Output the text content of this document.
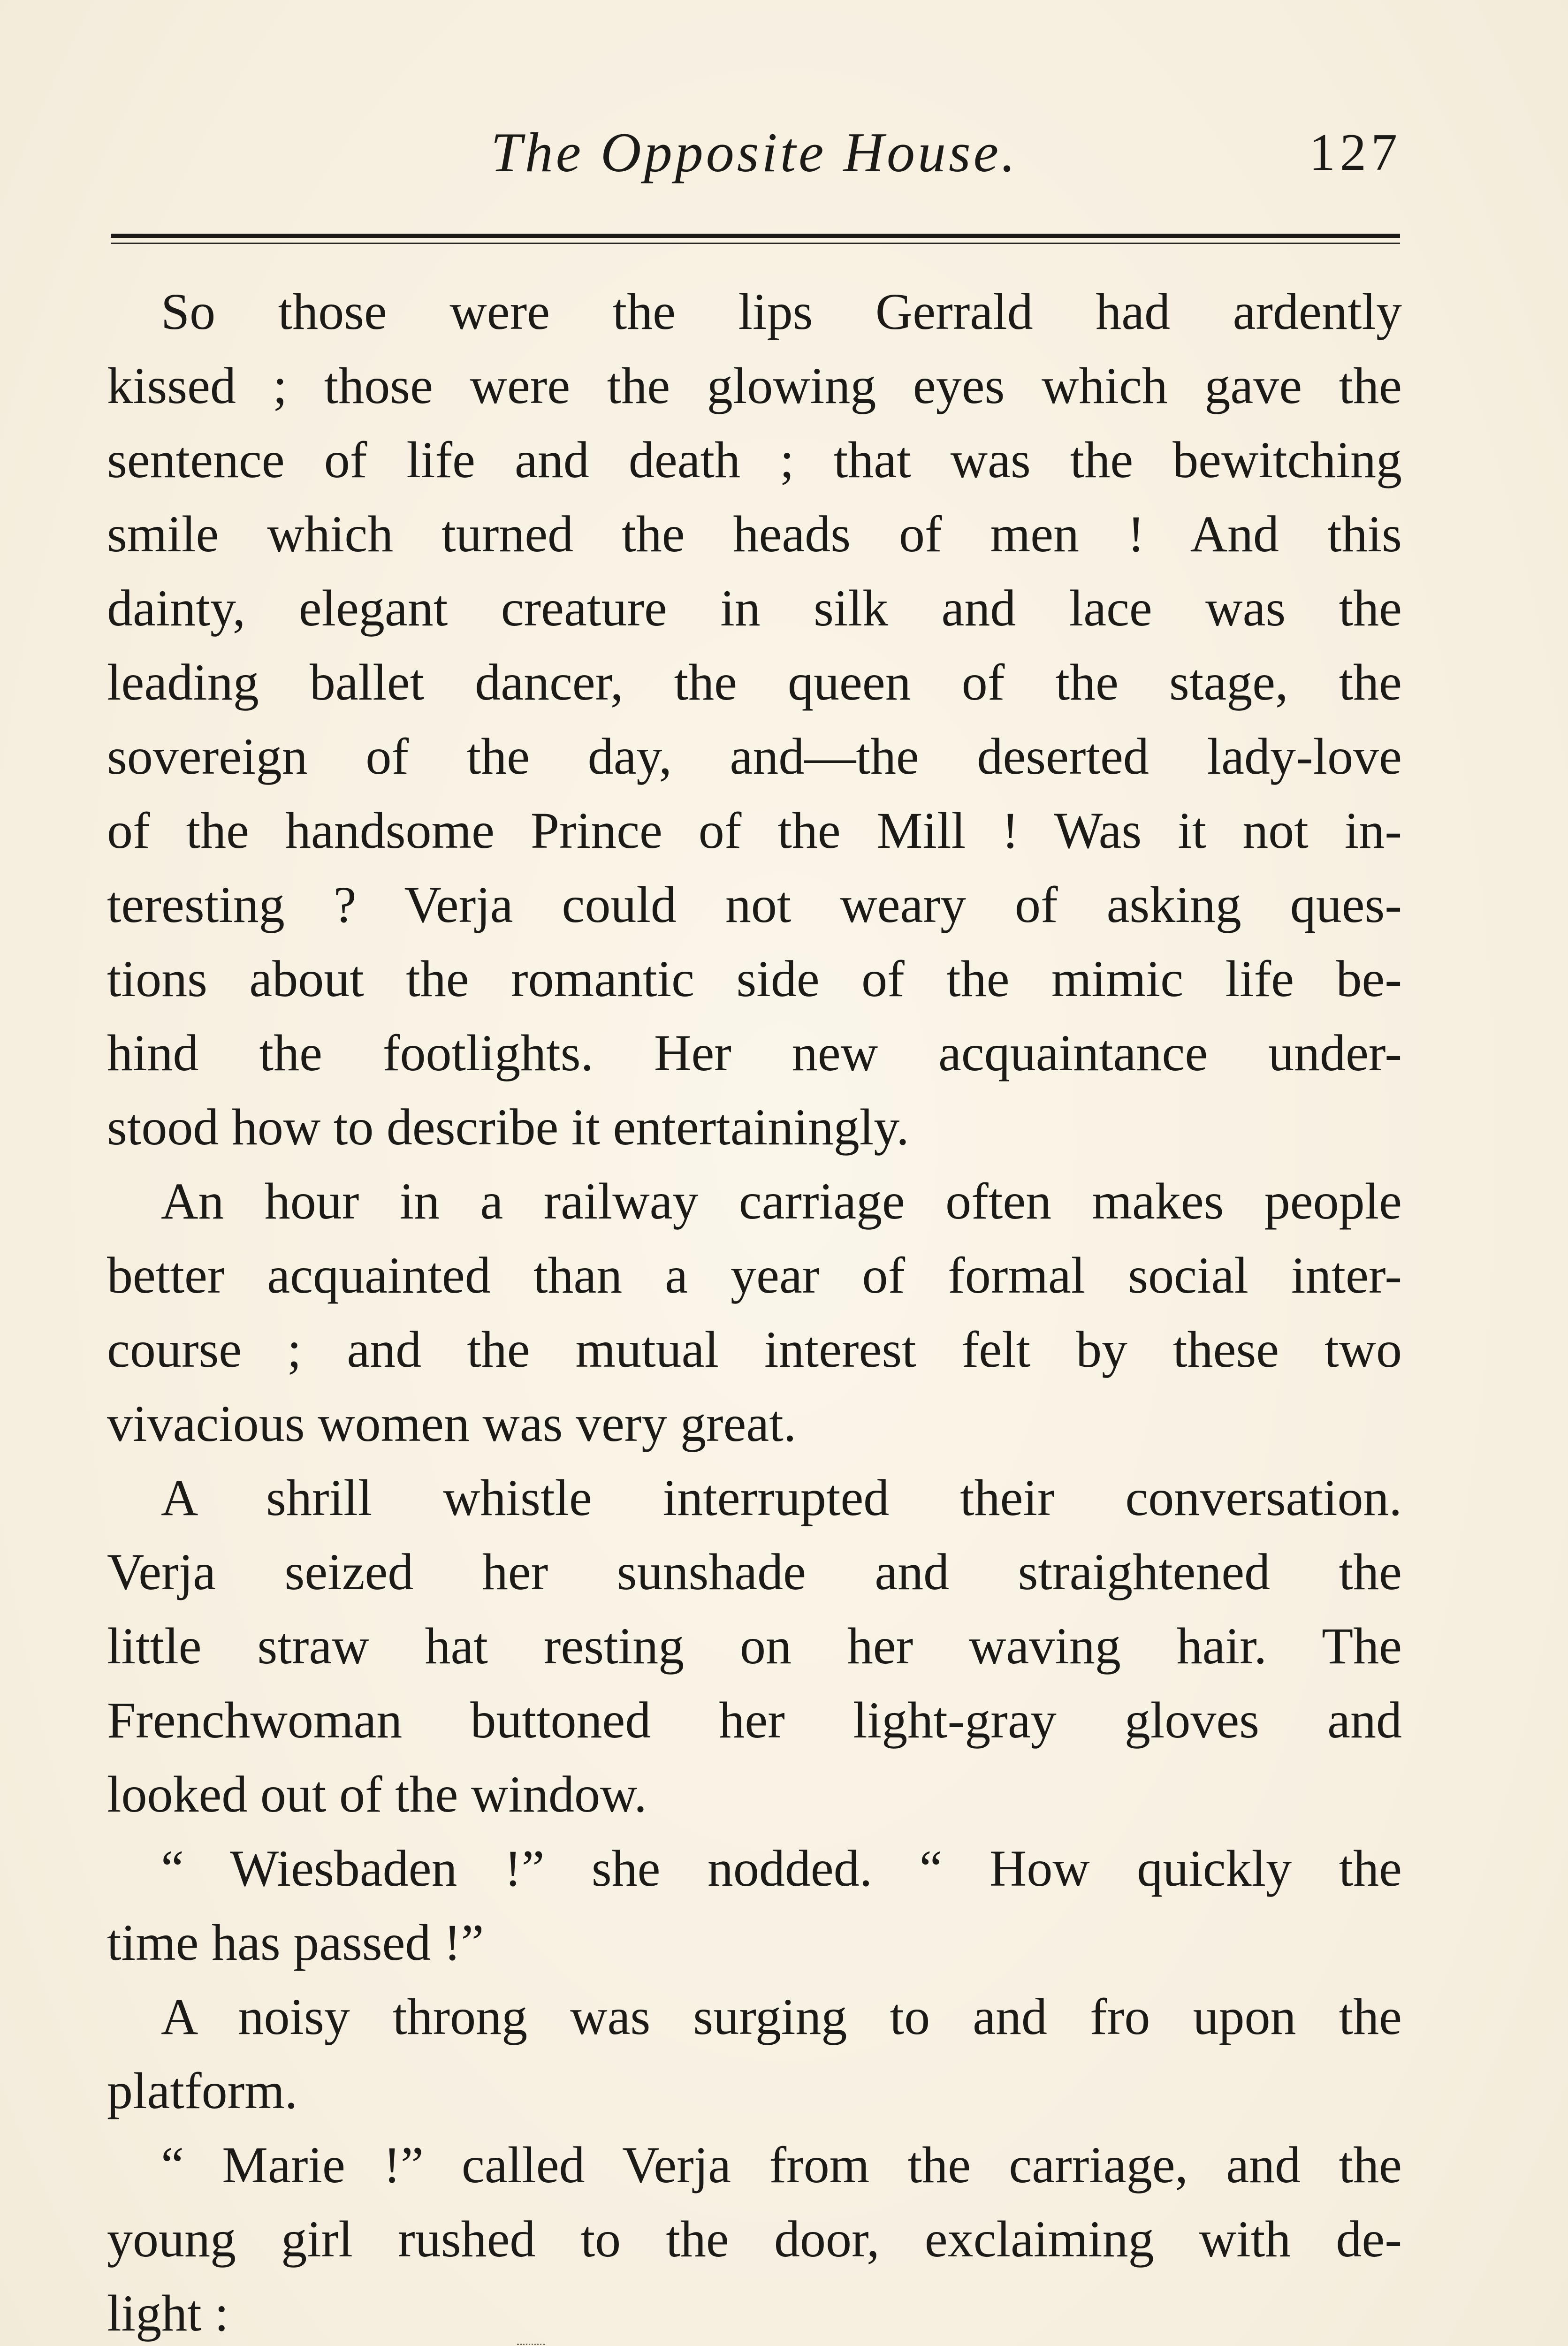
The Opposite House.	127
So those were the lips Gerrald had ardently
kissed ; those were the glowing eyes which gave the
sentence of life and death ; that was the bewitching
smile which turned the heads of men ! And this
dainty, elegant creature in silk and lace was the
leading ballet dancer, the queen of the stage, the
sovereign of the day, and—the deserted lady-love
of the handsome Prince of the Mill ! Was it not in-
teresting ? Verja could not weary of asking ques-
tions about the romantic side of the mimic life be-
hind the footlights. Her new acquaintance under-
stood how to describe it entertainingly.
An hour in a railway carriage often makes people
better acquainted than a year of formal social inter-
course ; and the mutual interest felt by these two
vivacious women was very great.
A shrill whistle interrupted their conversation.
Verja seized her sunshade and straightened the
little straw hat resting on her waving hair. The
Frenchwoman buttoned her light-gray gloves and
looked out of the window.
“ Wiesbaden !” she nodded. “ How quickly the
time has passed !”
A noisy throng was surging to and fro upon the
platform.
“ Marie !” called Verja from the carriage, and the
young girl rushed to the door, exclaiming with de-
light :
